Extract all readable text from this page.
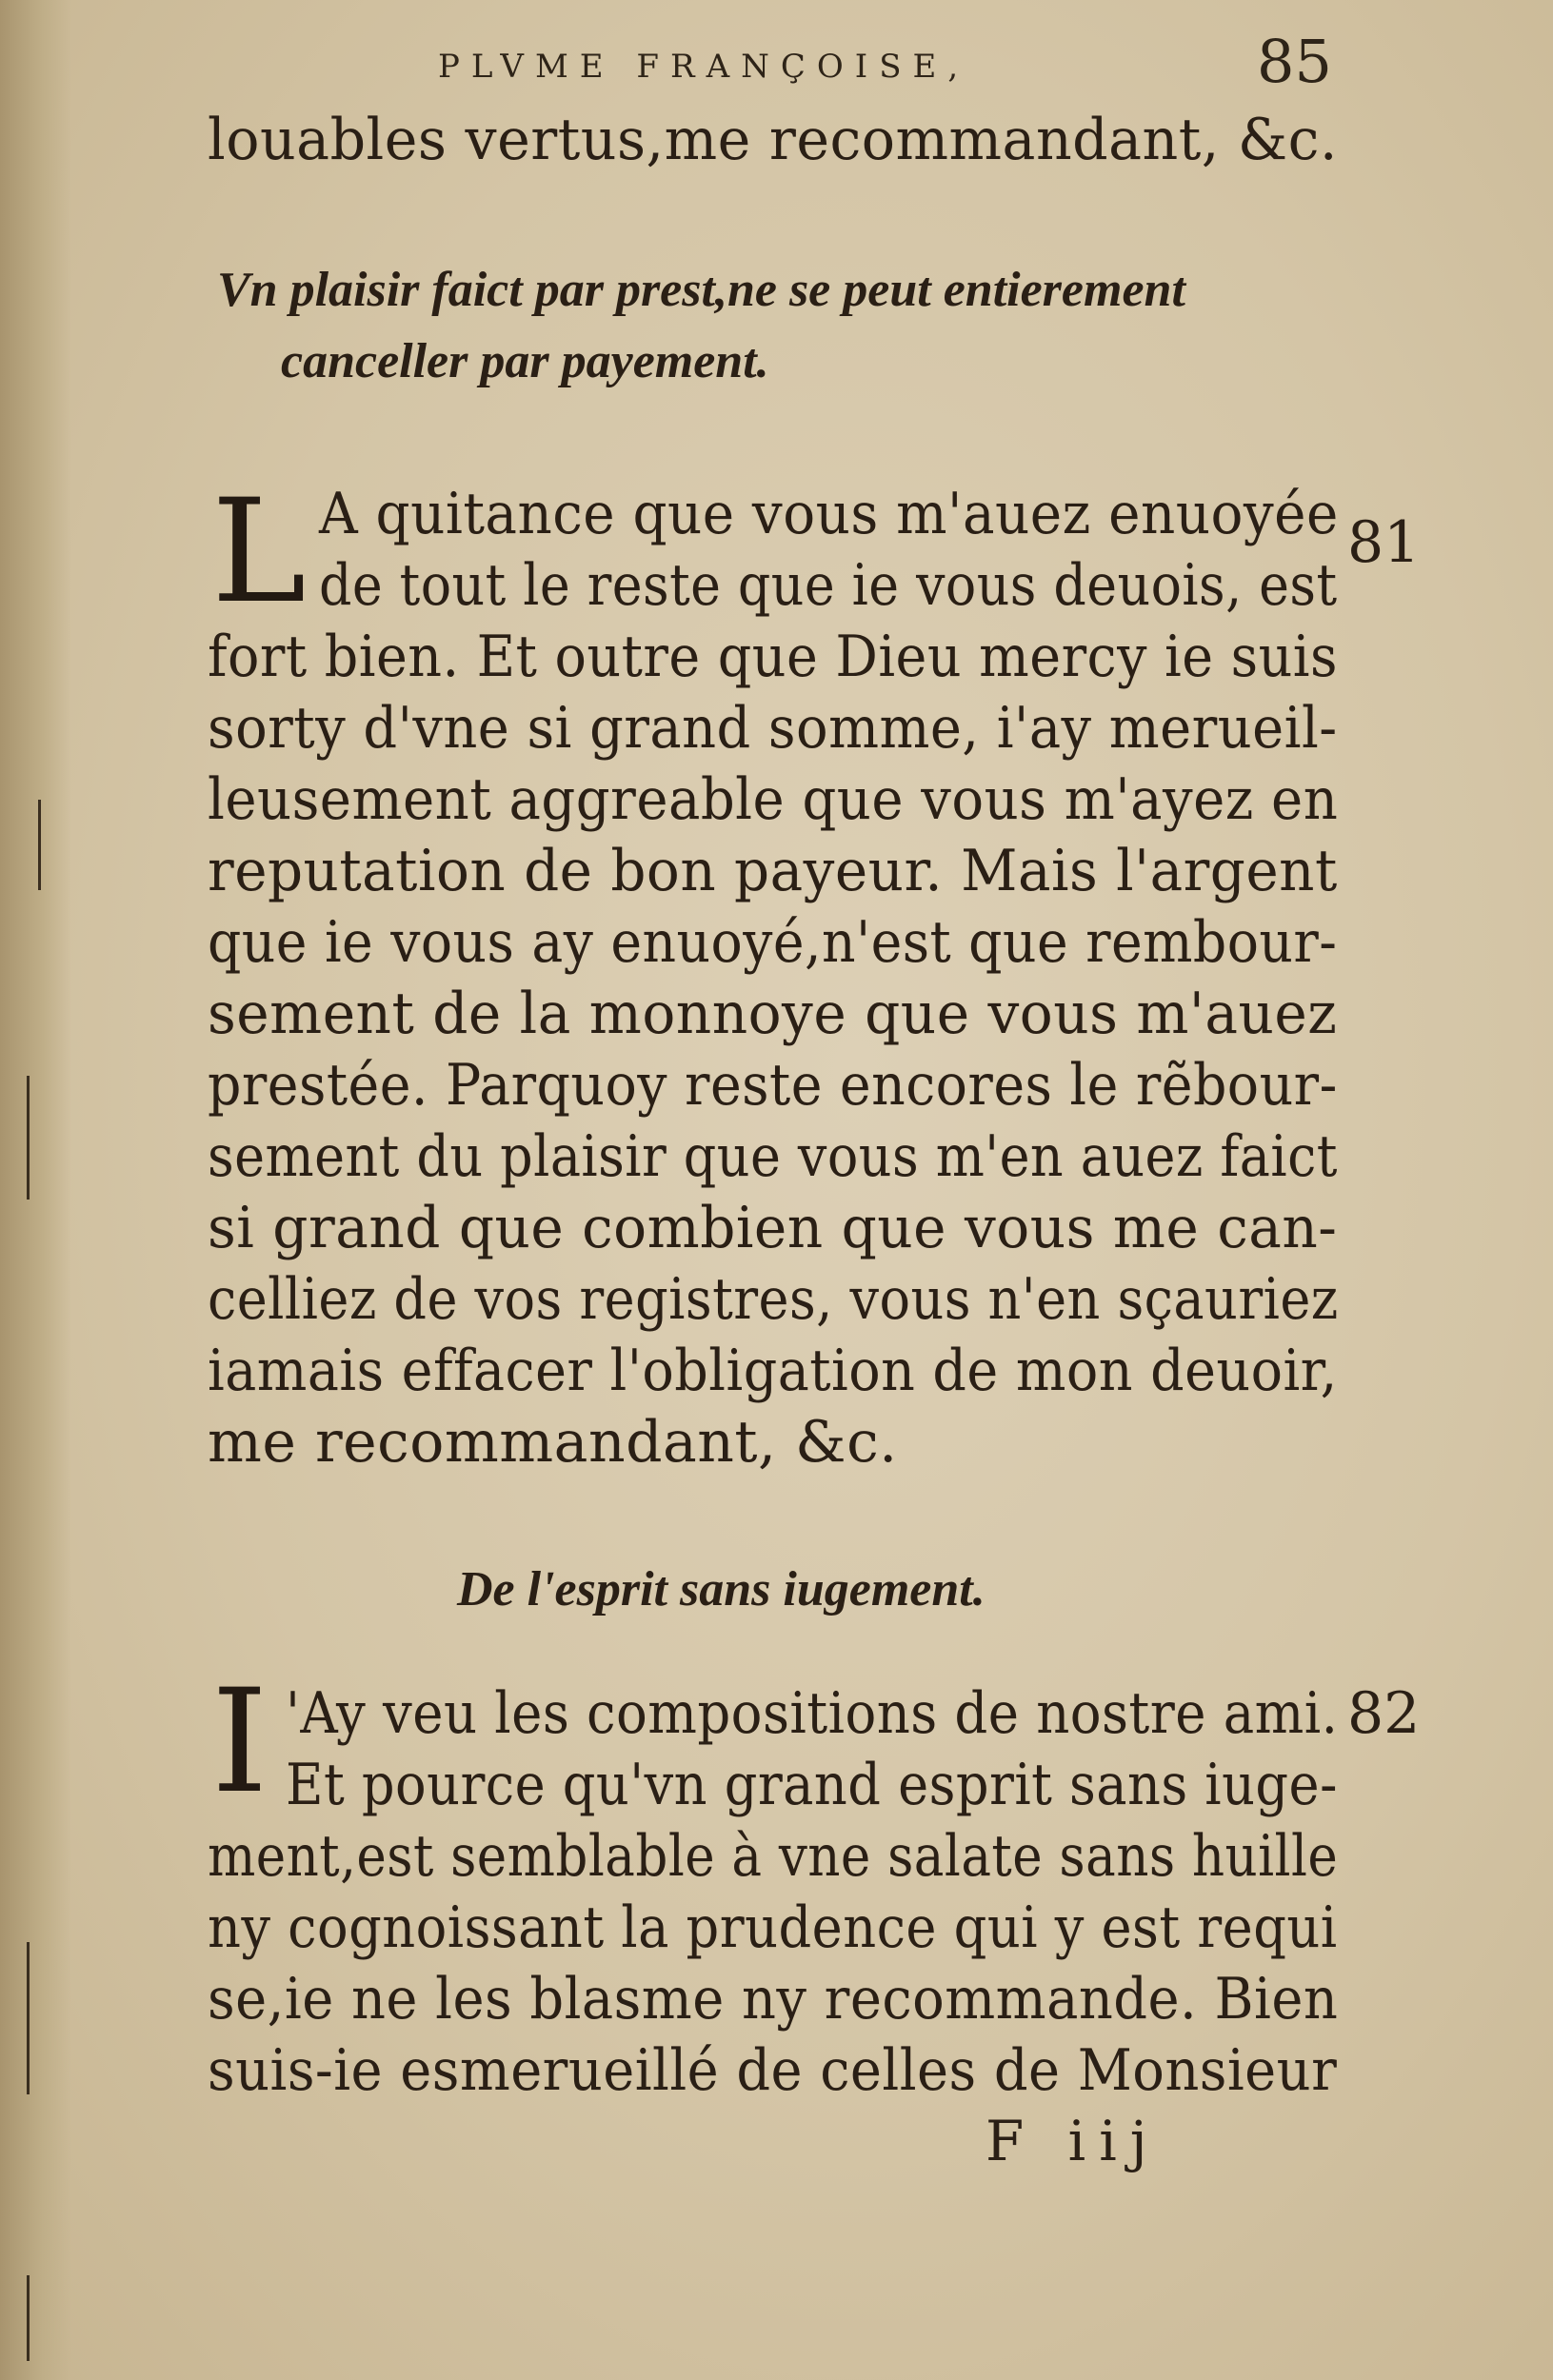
PLVME FRANÇOISE,	85
louables vertus,me recommandant, &c.
Vn plaisir faict par prest,ne se peut entierement
canceller par payement.
L	81
A quitance que vous m'auez enuoyée
de tout le reste que ie vous deuois, est
fort bien. Et outre que Dieu mercy ie suis
sorty d'vne si grand somme, i'ay merueil-
leusement aggreable que vous m'ayez en
reputation de bon payeur. Mais l'argent
que ie vous ay enuoyé,n'est que rembour-
sement de la monnoye que vous m'auez
prestée. Parquoy reste encores le rẽbour-
sement du plaisir que vous m'en auez faict
si grand que combien que vous me can-
celliez de vos registres, vous n'en sçauriez
iamais effacer l'obligation de mon deuoir,
me recommandant, &c.
De l'esprit sans iugement.
I	82
'Ay veu les compositions de nostre ami.
Et pource qu'vn grand esprit sans iuge-
ment,est semblable à vne salate sans huille
ny cognoissant la prudence qui y est requi
se,ie ne les blasme ny recommande. Bien
suis-ie esmerueillé de celles de Monsieur
F iij
